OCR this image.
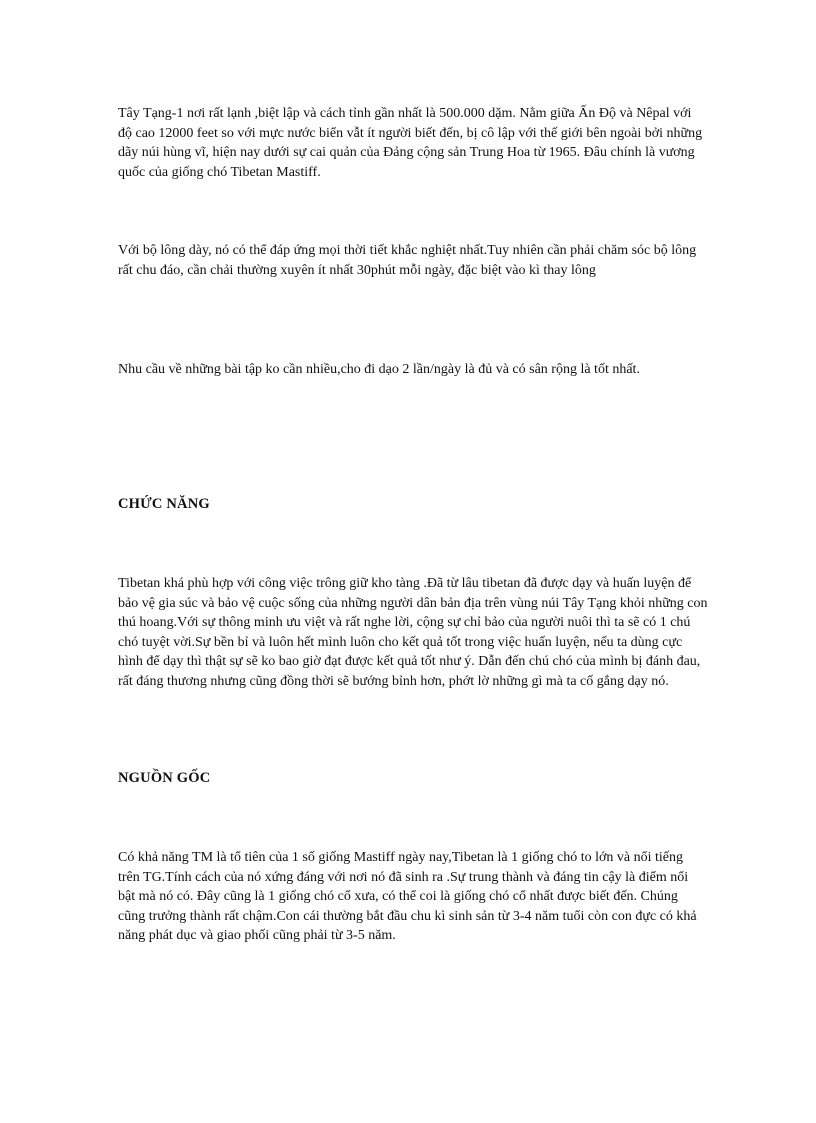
Tây Tạng-1 nơi rất lạnh ,biệt lập và cách tỉnh gần nhất là 500.000 dặm. Nằm giữa Ấn Độ và Nêpal với độ cao 12000 feet so với mực nước biển vẫt ít người biết đến, bị cô lập với thế giới bên ngoài bởi những dãy núi hùng vĩ, hiện nay dưới sự cai quản của Đảng cộng sản Trung Hoa từ 1965. Đâu chính là vương quốc của giống chó Tibetan Mastiff.

Với bộ lông dày, nó có thể đáp ứng mọi thời tiết khắc nghiệt nhất.Tuy nhiên cần phải chăm sóc bộ lông rất chu đáo, cần chải thường xuyên ít nhất 30phút mỗi ngày, đặc biệt vào kì thay lông

Nhu cầu về những bài tập ko cần nhiều,cho đi dạo 2 lần/ngày là đủ và có sân rộng là tốt nhất.

CHỨC NĂNG

Tibetan khá phù hợp với công việc trông giữ kho tàng .Đã từ lâu tibetan đã được dạy và huấn luyện để bảo vệ gia súc và bảo vệ cuộc sống của những người dân bản địa trên vùng núi Tây Tạng khỏi những con thú hoang.Với sự thông minh ưu việt và rất nghe lời, cộng sự chỉ bảo của người nuôi thì ta sẽ có 1 chú chó tuyệt vời.Sự bền bỉ và luôn hết mình luôn cho kết quả tốt trong việc huấn luyện, nếu ta dùng cực hình để dạy thì thật sự sẽ ko bao giờ đạt được kết quả tốt như ý. Dẫn đến chú chó của mình bị đánh đau, rất đáng thương nhưng cũng đồng thời sẽ bướng bỉnh hơn, phớt lờ những gì mà ta cố gắng dạy nó.

NGUỒN GỐC

Có khả năng TM là tổ tiên của 1 số giống Mastiff ngày nay,Tibetan là 1 giống chó to lớn và nổi tiếng trên TG.Tính cách của nó xứng đáng với nơi nó đã sinh ra .Sự trung thành và đáng tin cậy là điểm nổi bật mà nó có. Đây cũng là 1 giống chó cổ xưa, có thể coi là giống chó cổ nhất được biết đến. Chúng cũng trưởng thành rất chậm.Con cái thường bắt đầu chu kì sinh sản từ 3-4 năm tuổi còn con đực có khả năng phát dục và giao phối cũng phải từ 3-5 năm.
